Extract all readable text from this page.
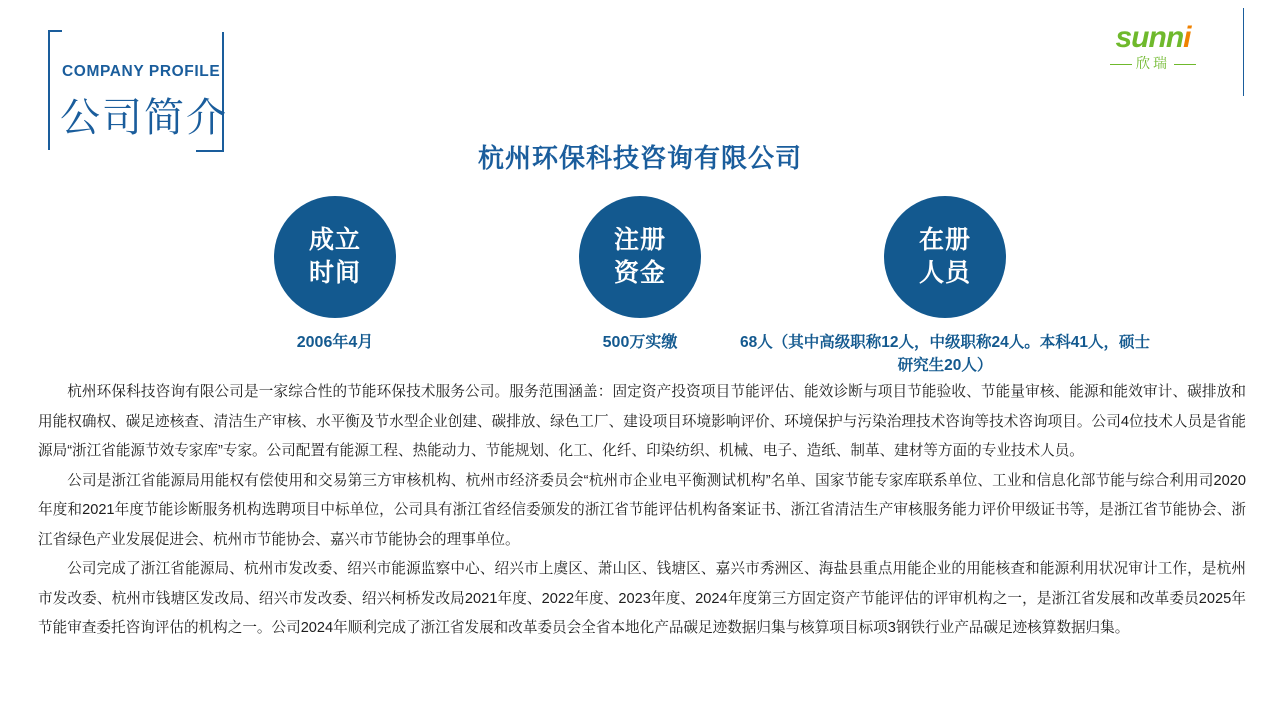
COMPANY PROFILE
公司简介
sunni
欣瑞
杭州环保科技咨询有限公司
成立
时间
2006年4月
注册
资金
500万实缴
在册
人员
68人（其中高级职称12人，中级职称24人。本科41人，硕士研究生20人）

杭州环保科技咨询有限公司是一家综合性的节能环保技术服务公司。服务范围涵盖：固定资产投资项目节能评估、能效诊断与项目节能验收、节能量审核、能源和能效审计、碳排放和用能权确权、碳足迹核查、清洁生产审核、水平衡及节水型企业创建、碳排放、绿色工厂、建设项目环境影响评价、环境保护与污染治理技术咨询等技术咨询项目。公司4位技术人员是省能源局“浙江省能源节效专家库”专家。公司配置有能源工程、热能动力、节能规划、化工、化纤、印染纺织、机械、电子、造纸、制革、建材等方面的专业技术人员。

公司是浙江省能源局用能权有偿使用和交易第三方审核机构、杭州市经济委员会“杭州市企业电平衡测试机构”名单、国家节能专家库联系单位、工业和信息化部节能与综合利用司2020年度和2021年度节能诊断服务机构选聘项目中标单位，公司具有浙江省经信委颁发的浙江省节能评估机构备案证书、浙江省清洁生产审核服务能力评价甲级证书等，是浙江省节能协会、浙江省绿色产业发展促进会、杭州市节能协会、嘉兴市节能协会的理事单位。

公司完成了浙江省能源局、杭州市发改委、绍兴市能源监察中心、绍兴市上虞区、萧山区、钱塘区、嘉兴市秀洲区、海盐县重点用能企业的用能核查和能源利用状况审计工作，是杭州市发改委、杭州市钱塘区发改局、绍兴市发改委、绍兴柯桥发改局2021年度、2022年度、2023年度、2024年度第三方固定资产节能评估的评审机构之一，是浙江省发展和改革委员2025年节能审查委托咨询评估的机构之一。公司2024年顺利完成了浙江省发展和改革委员会全省本地化产品碳足迹数据归集与核算项目标项3钢铁行业产品碳足迹核算数据归集。
